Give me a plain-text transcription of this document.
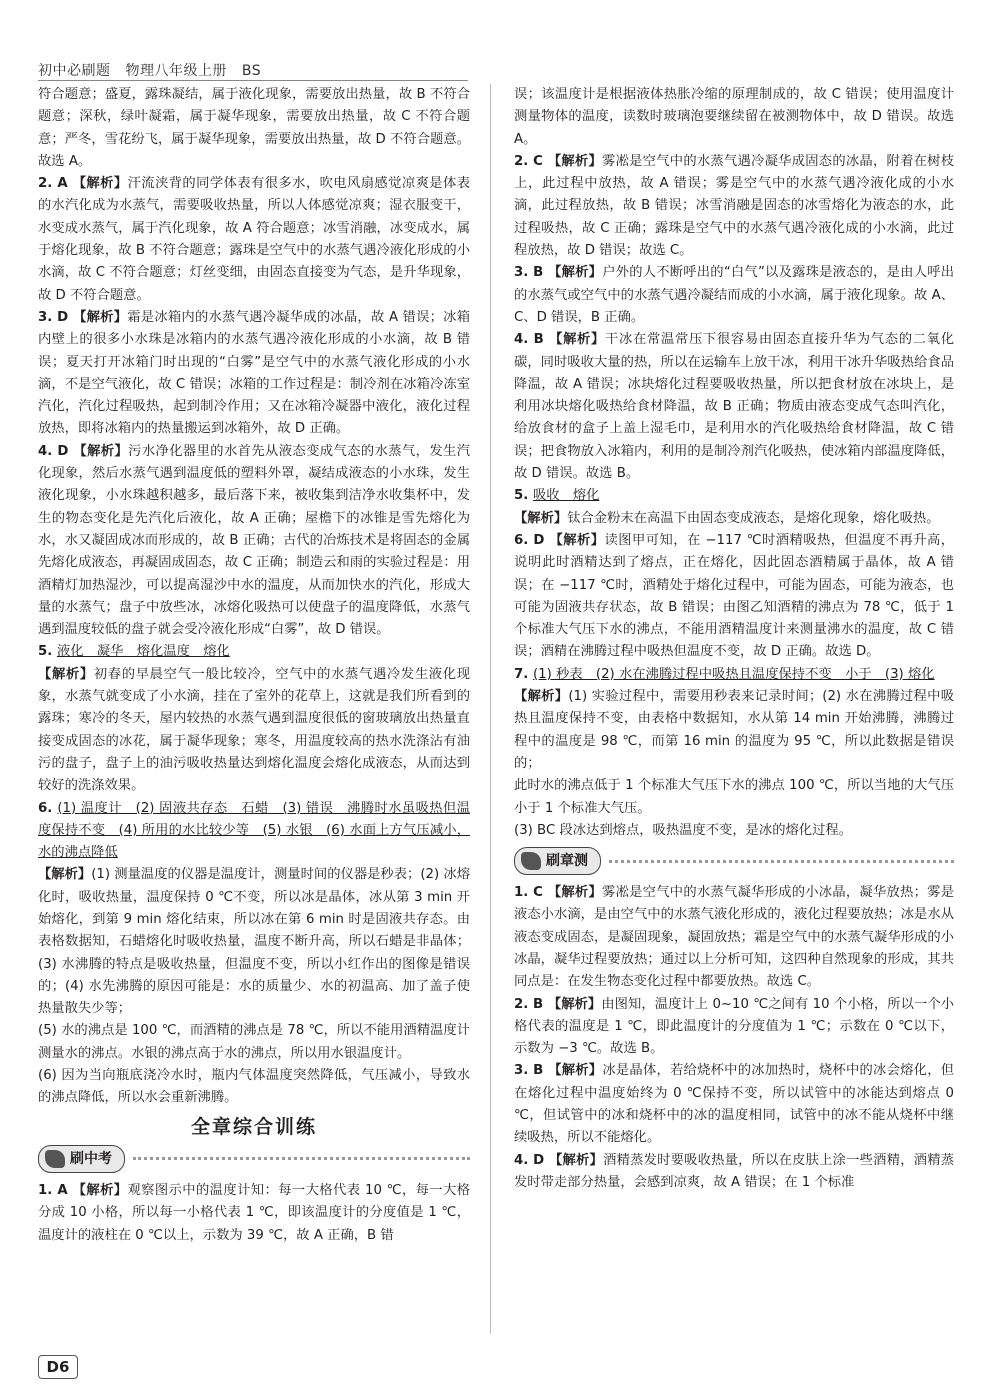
初中必刷题 物理八年级上册 BS

符合题意；盛夏，露珠凝结，属于液化现象，需要放出热量，故 B 不符合题意；深秋，绿叶凝霜，属于凝华现象，需要放出热量，故 C 不符合题意；严冬，雪花纷飞，属于凝华现象，需要放出热量，故 D 不符合题意。故选 A。

2. A 【解析】汗流浃背的同学体表有很多水，吹电风扇感觉凉爽是体表的水汽化成为水蒸气，需要吸收热量，所以人体感觉凉爽；湿衣服变干，水变成水蒸气，属于汽化现象，故 A 符合题意；冰雪消融，冰变成水，属于熔化现象，故 B 不符合题意；露珠是空气中的水蒸气遇冷液化形成的小水滴，故 C 不符合题意；灯丝变细，由固态直接变为气态，是升华现象，故 D 不符合题意。

3. D 【解析】霜是冰箱内的水蒸气遇冷凝华成的冰晶，故 A 错误；冰箱内壁上的很多小水珠是冰箱内的水蒸气遇冷液化形成的小水滴，故 B 错误；夏天打开冰箱门时出现的“白雾”是空气中的水蒸气液化形成的小水滴，不是空气液化，故 C 错误；冰箱的工作过程是：制冷剂在冰箱冷冻室汽化，汽化过程吸热，起到制冷作用；又在冰箱冷凝器中液化，液化过程放热，即将冰箱内的热量搬运到冰箱外，故 D 正确。

4. D 【解析】污水净化器里的水首先从液态变成气态的水蒸气，发生汽化现象，然后水蒸气遇到温度低的塑料外罩，凝结成液态的小水珠，发生液化现象，小水珠越积越多，最后落下来，被收集到洁净水收集杯中，发生的物态变化是先汽化后液化，故 A 正确；屋檐下的冰锥是雪先熔化为水，水又凝固成冰而形成的，故 B 正确；古代的冶炼技术是将固态的金属先熔化成液态，再凝固成固态，故 C 正确；制造云和雨的实验过程是：用酒精灯加热湿沙，可以提高湿沙中水的温度，从而加快水的汽化，形成大量的水蒸气；盘子中放些冰，冰熔化吸热可以使盘子的温度降低，水蒸气遇到温度较低的盘子就会受冷液化形成“白雾”，故 D 错误。

5. 液化　凝华　熔化温度　熔化

【解析】初春的早晨空气一般比较冷，空气中的水蒸气遇冷发生液化现象，水蒸气就变成了小水滴，挂在了室外的花草上，这就是我们所看到的露珠；寒冷的冬天，屋内较热的水蒸气遇到温度很低的窗玻璃放出热量直接变成固态的冰花，属于凝华现象；寒冬，用温度较高的热水洗涤沾有油污的盘子，盘子上的油污吸收热量达到熔化温度会熔化成液态，从而达到较好的洗涤效果。

6. (1) 温度计　(2) 固液共存态　石蜡　(3) 错误　沸腾时水虽吸热但温度保持不变　(4) 所用的水比较少等　(5) 水银　(6) 水面上方气压减小，水的沸点降低

【解析】(1) 测量温度的仪器是温度计，测量时间的仪器是秒表；(2) 冰熔化时，吸收热量，温度保持 0 ℃不变，所以冰是晶体，冰从第 3 min 开始熔化，到第 9 min 熔化结束，所以冰在第 6 min 时是固液共存态。由表格数据知，石蜡熔化时吸收热量，温度不断升高，所以石蜡是非晶体；(3) 水沸腾的特点是吸收热量，但温度不变，所以小红作出的图像是错误的；(4) 水先沸腾的原因可能是：水的质量少、水的初温高、加了盖子使热量散失少等；

(5) 水的沸点是 100 ℃，而酒精的沸点是 78 ℃，所以不能用酒精温度计测量水的沸点。水银的沸点高于水的沸点，所以用水银温度计。

(6) 因为当向瓶底浇冷水时，瓶内气体温度突然降低，气压减小，导致水的沸点降低，所以水会重新沸腾。

全章综合训练
刷中考

1. A 【解析】观察图示中的温度计知：每一大格代表 10 ℃，每一大格分成 10 小格，所以每一小格代表 1 ℃，即该温度计的分度值是 1 ℃，温度计的液柱在 0 ℃以上，示数为 39 ℃，故 A 正确，B 错

误；该温度计是根据液体热胀冷缩的原理制成的，故 C 错误；使用温度计测量物体的温度，读数时玻璃泡要继续留在被测物体中，故 D 错误。故选 A。

2. C 【解析】雾凇是空气中的水蒸气遇冷凝华成固态的冰晶，附着在树枝上，此过程中放热，故 A 错误；雾是空气中的水蒸气遇冷液化成的小水滴，此过程放热，故 B 错误；冰雪消融是固态的冰雪熔化为液态的水，此过程吸热，故 C 正确；露珠是空气中的水蒸气遇冷液化成的小水滴，此过程放热，故 D 错误；故选 C。

3. B 【解析】户外的人不断呼出的“白气”以及露珠是液态的，是由人呼出的水蒸气或空气中的水蒸气遇冷凝结而成的小水滴，属于液化现象。故 A、C、D 错误，B 正确。

4. B 【解析】干冰在常温常压下很容易由固态直接升华为气态的二氧化碳，同时吸收大量的热，所以在运输车上放干冰，利用干冰升华吸热给食品降温，故 A 错误；冰块熔化过程要吸收热量，所以把食材放在冰块上，是利用冰块熔化吸热给食材降温，故 B 正确；物质由液态变成气态叫汽化，给放食材的盒子上盖上湿毛巾，是利用水的汽化吸热给食材降温，故 C 错误；把食物放入冰箱内，利用的是制冷剂汽化吸热，使冰箱内部温度降低，故 D 错误。故选 B。

5. 吸收　熔化

【解析】钛合金粉末在高温下由固态变成液态，是熔化现象，熔化吸热。

6. D 【解析】读图甲可知，在 −117 ℃时酒精吸热，但温度不再升高，说明此时酒精达到了熔点，正在熔化，因此固态酒精属于晶体，故 A 错误；在 −117 ℃时，酒精处于熔化过程中，可能为固态，可能为液态，也可能为固液共存状态，故 B 错误；由图乙知酒精的沸点为 78 ℃，低于 1 个标准大气压下水的沸点，不能用酒精温度计来测量沸水的温度，故 C 错误；酒精在沸腾过程中吸热但温度不变，故 D 正确。故选 D。

7. (1) 秒表　(2) 水在沸腾过程中吸热且温度保持不变　小于　(3) 熔化

【解析】(1) 实验过程中，需要用秒表来记录时间；(2) 水在沸腾过程中吸热且温度保持不变，由表格中数据知，水从第 14 min 开始沸腾，沸腾过程中的温度是 98 ℃，而第 16 min 的温度为 95 ℃，所以此数据是错误的；

此时水的沸点低于 1 个标准大气压下水的沸点 100 ℃，所以当地的大气压小于 1 个标准大气压。

(3) BC 段冰达到熔点，吸热温度不变，是冰的熔化过程。

刷章测

1. C 【解析】雾凇是空气中的水蒸气凝华形成的小冰晶，凝华放热；雾是液态小水滴，是由空气中的水蒸气液化形成的，液化过程要放热；冰是水从液态变成固态，是凝固现象，凝固放热；霜是空气中的水蒸气凝华形成的小冰晶，凝华过程要放热；通过以上分析可知，这四种自然现象的形成，其共同点是：在发生物态变化过程中都要放热。故选 C。

2. B 【解析】由图知，温度计上 0~10 ℃之间有 10 个小格，所以一个小格代表的温度是 1 ℃，即此温度计的分度值为 1 ℃；示数在 0 ℃以下，示数为 −3 ℃。故选 B。

3. B 【解析】冰是晶体，若给烧杯中的冰加热时，烧杯中的冰会熔化，但在熔化过程中温度始终为 0 ℃保持不变，所以试管中的冰能达到熔点 0 ℃，但试管中的冰和烧杯中的冰的温度相同，试管中的冰不能从烧杯中继续吸热，所以不能熔化。

4. D 【解析】酒精蒸发时要吸收热量，所以在皮肤上涂一些酒精，酒精蒸发时带走部分热量，会感到凉爽，故 A 错误；在 1 个标准

D6
